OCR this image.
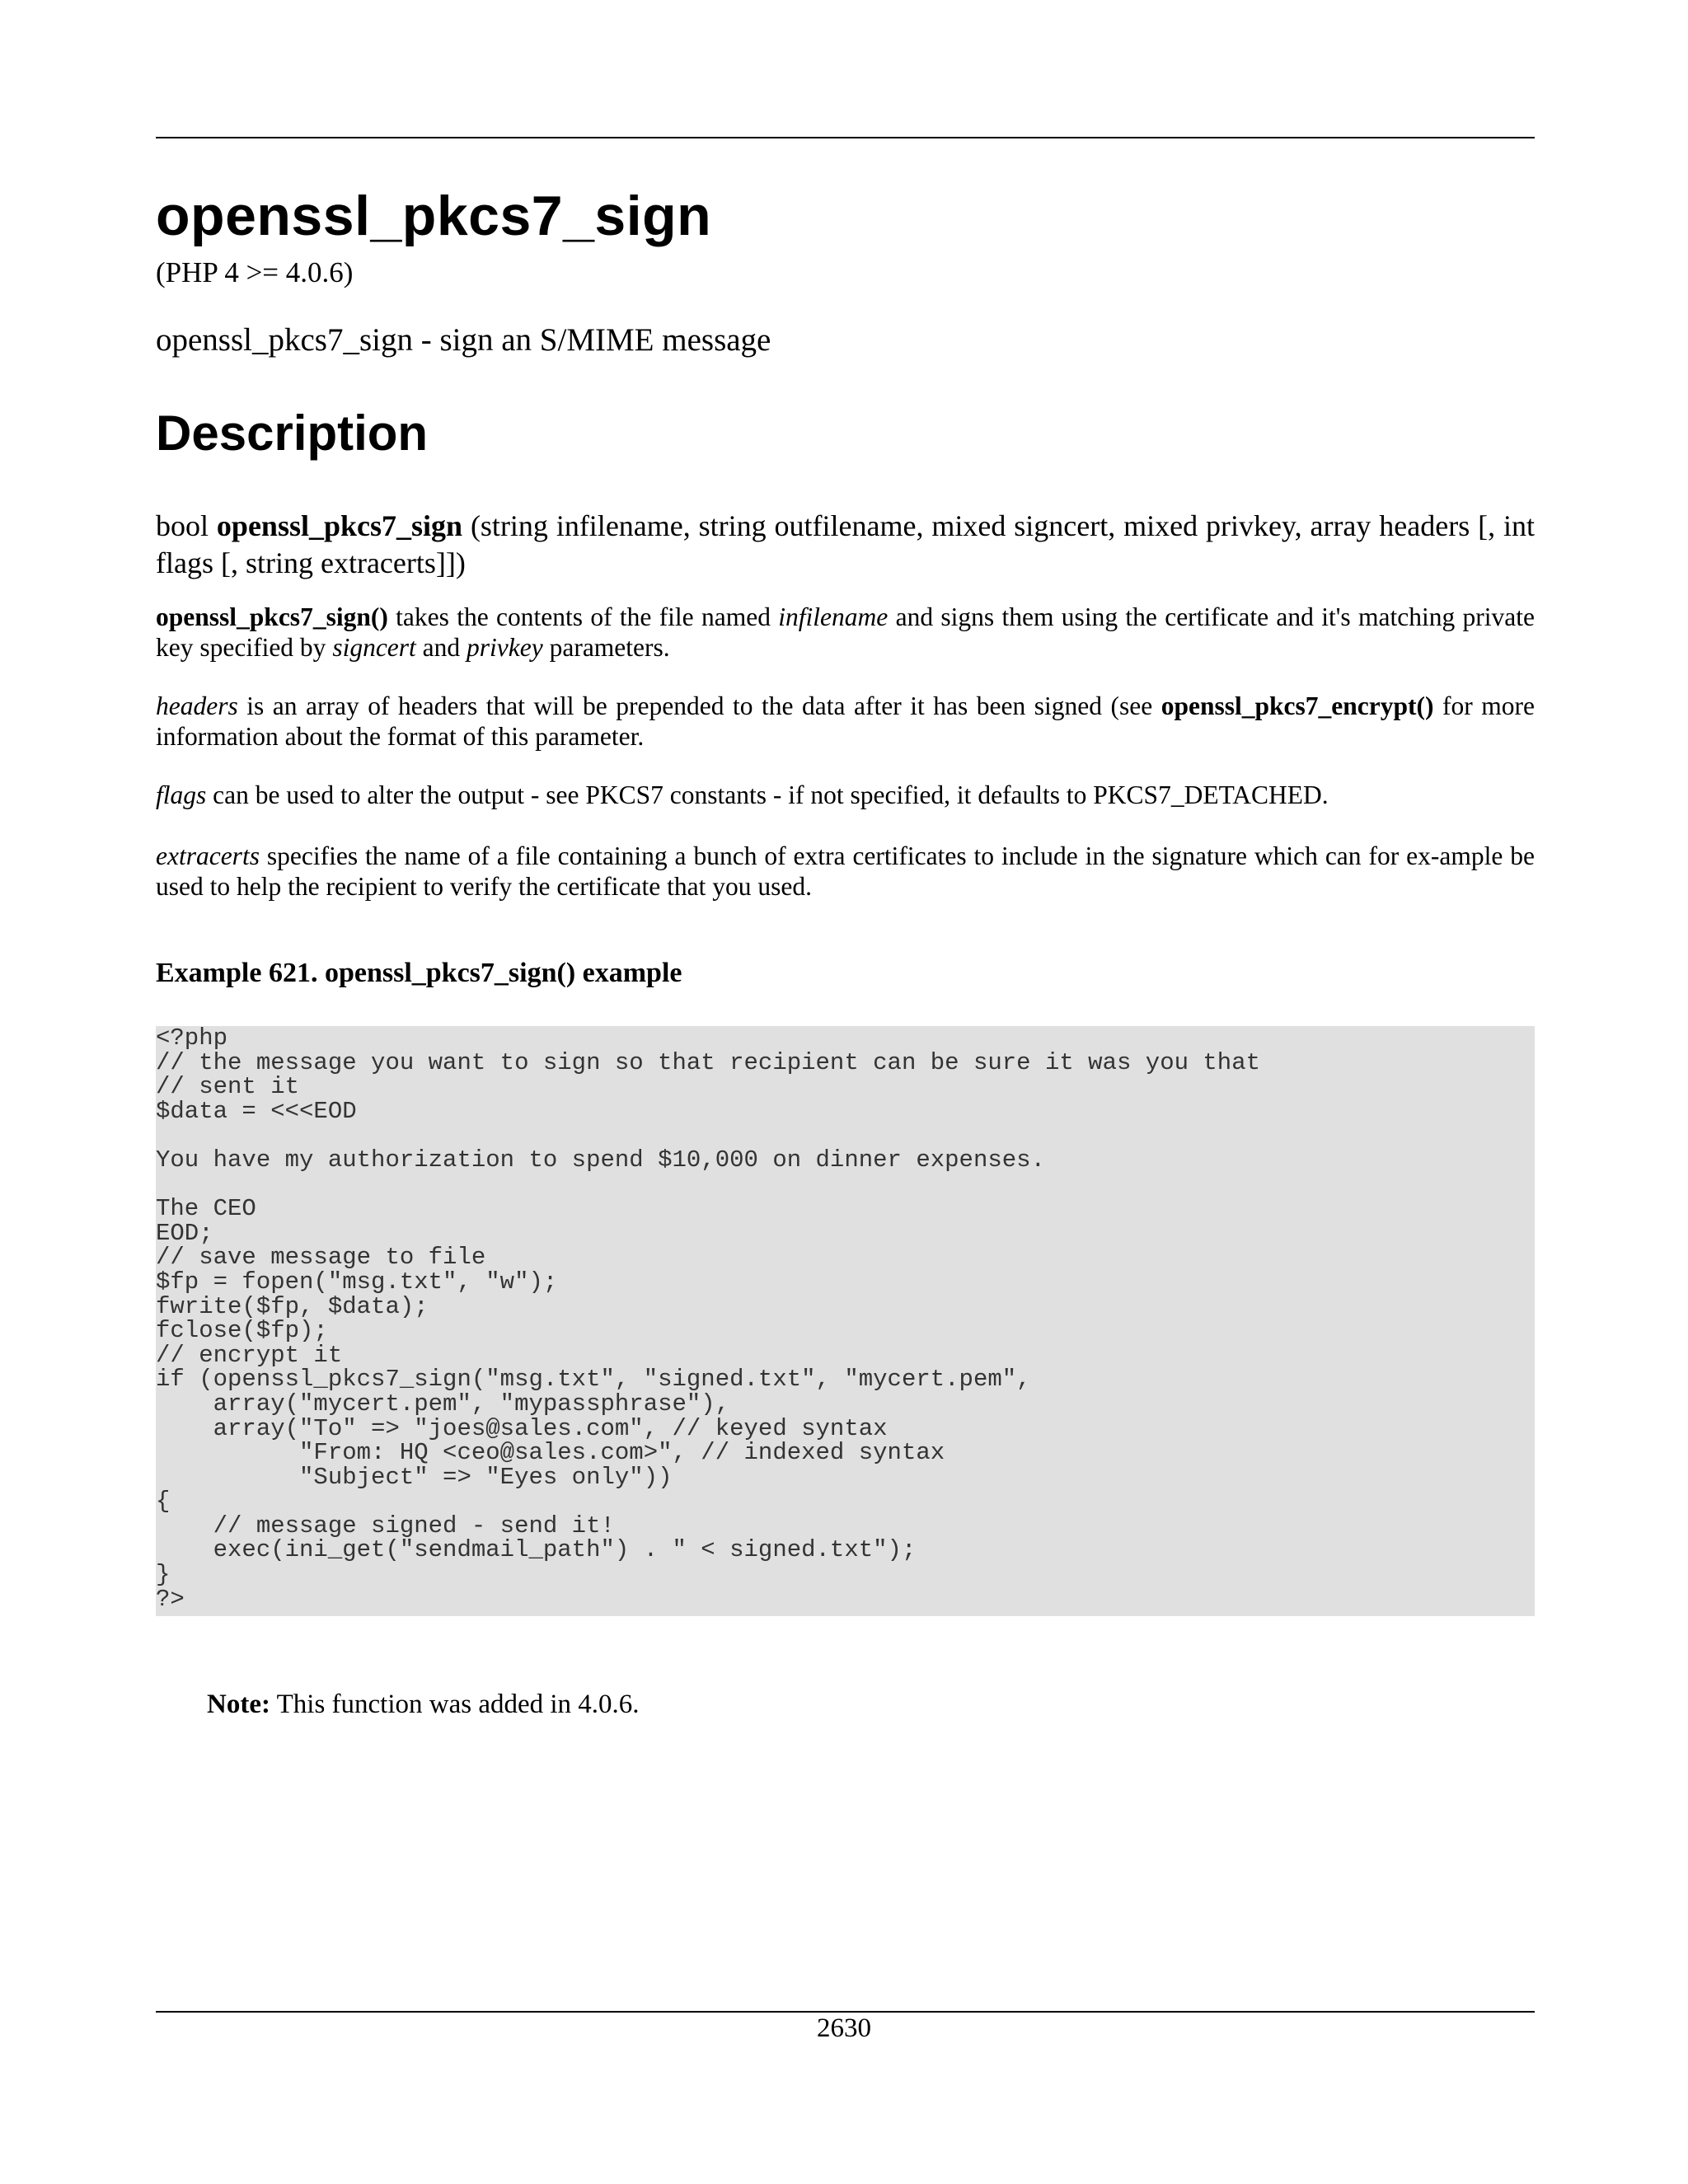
openssl_pkcs7_sign
(PHP 4 >= 4.0.6)
openssl_pkcs7_sign - sign an S/MIME message
Description
bool openssl_pkcs7_sign (string infilename, string outfilename, mixed signcert, mixed privkey, array headers [, int flags [, string extracerts]])
openssl_pkcs7_sign() takes the contents of the file named infilename and signs them using the certificate and it's matching private key specified by signcert and privkey parameters.
headers is an array of headers that will be prepended to the data after it has been signed (see openssl_pkcs7_encrypt() for more information about the format of this parameter.
flags can be used to alter the output - see PKCS7 constants - if not specified, it defaults to PKCS7_DETACHED.
extracerts specifies the name of a file containing a bunch of extra certificates to include in the signature which can for ex-ample be used to help the recipient to verify the certificate that you used.
Example 621. openssl_pkcs7_sign() example
<?php
// the message you want to sign so that recipient can be sure it was you that
// sent it
$data = <<<EOD

You have my authorization to spend $10,000 on dinner expenses.

The CEO
EOD;
// save message to file
$fp = fopen("msg.txt", "w");
fwrite($fp, $data);
fclose($fp);
// encrypt it
if (openssl_pkcs7_sign("msg.txt", "signed.txt", "mycert.pem",
array("mycert.pem", "mypassphrase"),
array("To" => "joes@sales.com", // keyed syntax
"From: HQ <ceo@sales.com>", // indexed syntax
"Subject" => "Eyes only"))
{
// message signed - send it!
exec(ini_get("sendmail_path") . " < signed.txt");
}
?>
Note: This function was added in 4.0.6.
2630
